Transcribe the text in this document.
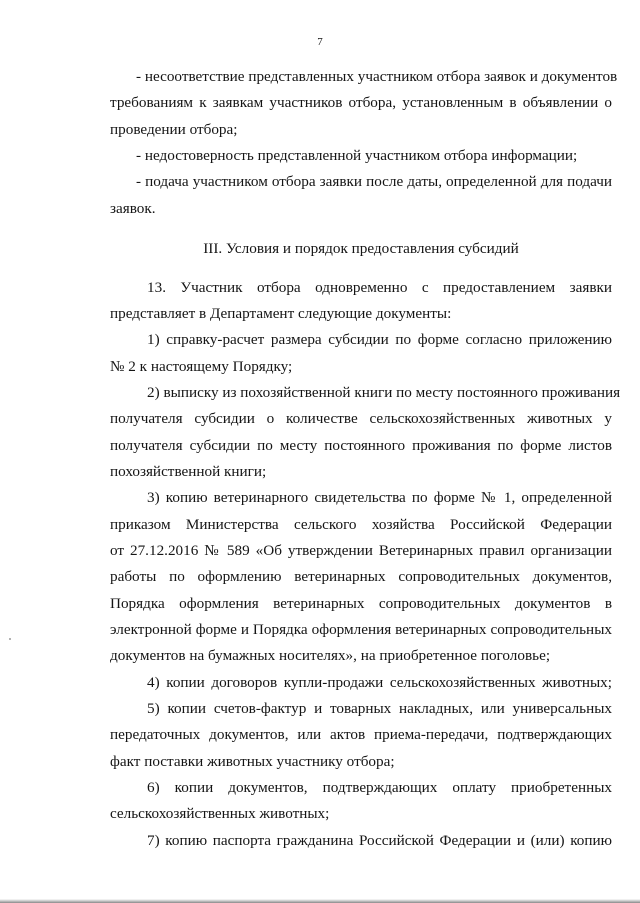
7
- несоответствие представленных участником отбора заявок и документов
требованиям к заявкам участников отбора, установленным в объявлении о
проведении отбора;
- недостоверность представленной участником отбора информации;
- подача участником отбора заявки после даты, определенной для подачи
заявок.
III. Условия и порядок предоставления субсидий
13. Участник отбора одновременно с предоставлением заявки
представляет в Департамент следующие документы:
1) справку-расчет размера субсидии по форме согласно приложению
№ 2 к настоящему Порядку;
2) выписку из похозяйственной книги по месту постоянного проживания
получателя субсидии о количестве сельскохозяйственных животных у
получателя субсидии по месту постоянного проживания по форме листов
похозяйственной книги;
3) копию ветеринарного свидетельства по форме № 1, определенной
приказом Министерства сельского хозяйства Российской Федерации
от 27.12.2016 № 589 «Об утверждении Ветеринарных правил организации
работы по оформлению ветеринарных сопроводительных документов,
Порядка оформления ветеринарных сопроводительных документов в
электронной форме и Порядка оформления ветеринарных сопроводительных
документов на бумажных носителях», на приобретенное поголовье;
4) копии договоров купли-продажи сельскохозяйственных животных;
5) копии счетов-фактур и товарных накладных, или универсальных
передаточных документов, или актов приема-передачи, подтверждающих
факт поставки животных участнику отбора;
6) копии документов, подтверждающих оплату приобретенных
сельскохозяйственных животных;
7) копию паспорта гражданина Российской Федерации и (или) копию
